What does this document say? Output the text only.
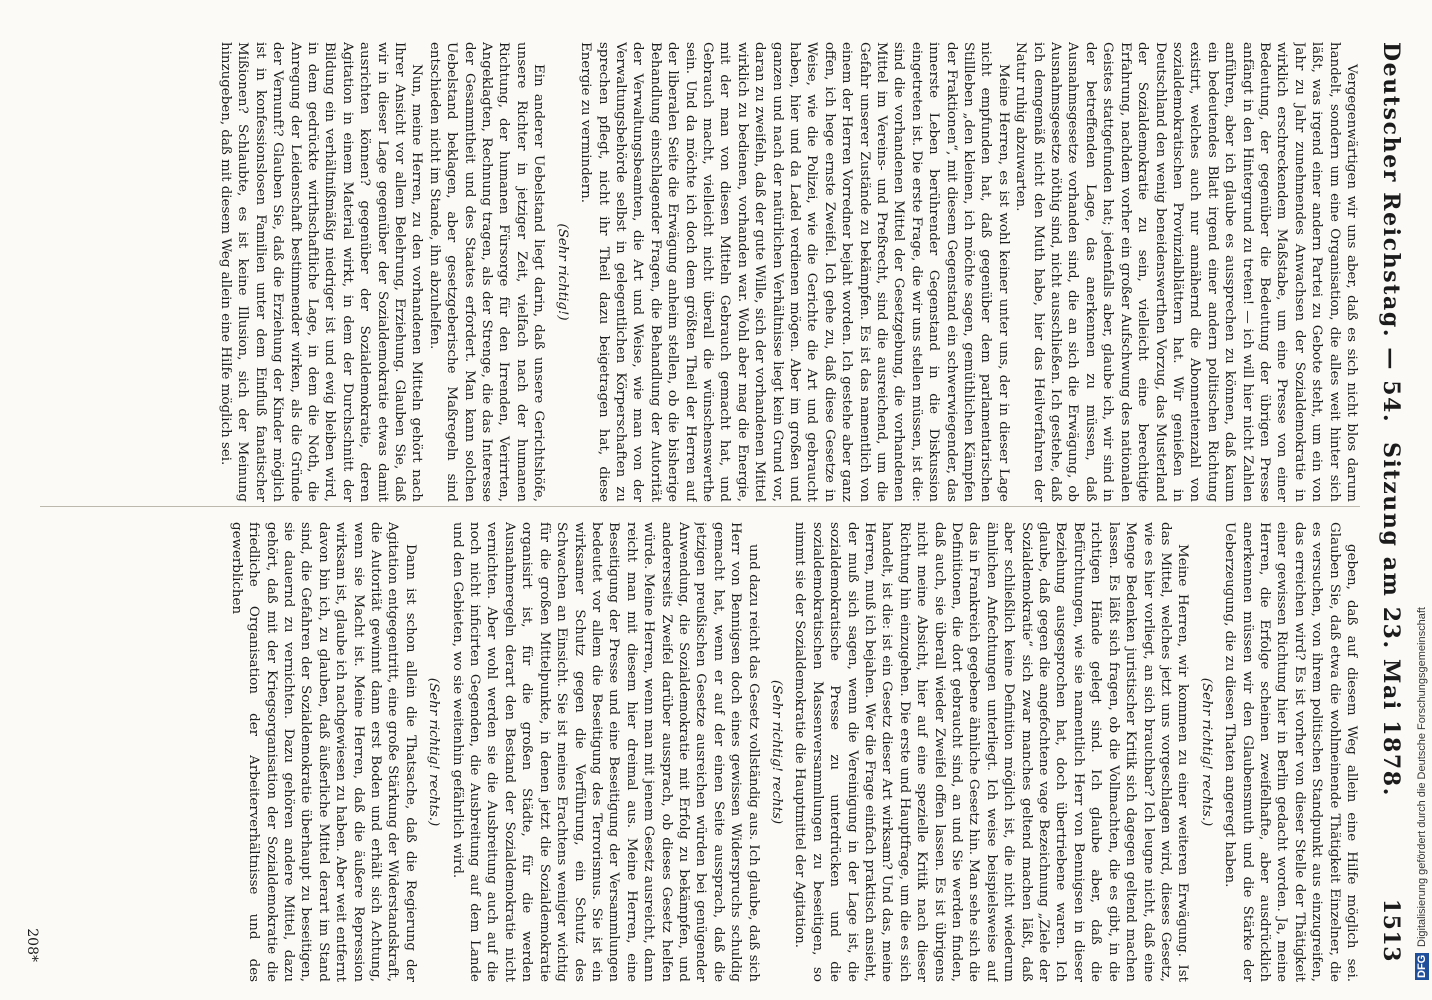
Deutscher Reichstag. — 54.
Sitzung am 23. Mai 1878.
1513

Vergegenwärtigen wir uns aber, daß es sich nicht blos darum handelt, sondern um eine Organisation, die alles weit hinter sich läßt, was irgend einer andern Partei zu Gebote steht, um ein von Jahr zu Jahr zunehmendes Anwachsen der Sozialdemokratie in wirklich erschreckendem Maßstabe, um eine Presse von einer Bedeutung, der gegenüber die Bedeutung der übrigen Presse anfängt in den Hintergrund zu treten! — ich will hier nicht Zahlen anführen, aber ich glaube es aussprechen zu können, daß kaum ein bedeutendes Blatt irgend einer andern politischen Richtung existirt, welches auch nur annähernd die Abonnentenzahl von sozialdemokratischen Provinzialblättern hat. Wir genießen in Deutschland den wenig beneidenswerthen Vorzug, das Musterland der Sozialdemokratie zu sein, vielleicht eine berechtigte Erfahrung, nachdem vorher ein großer Aufschwung des nationalen Geistes stattgefunden hat; jedenfalls aber, glaube ich, wir sind in der betreffenden Lage, das anerkennen zu müssen, daß Ausnahmsgesetze vorhanden sind, die an sich die Erwägung, ob Ausnahmsgesetze nöthig sind, nicht ausschließen. Ich gestehe, daß ich demgemäß nicht den Muth habe, hier das Heilverfahren der Natur ruhig abzuwarten.

Meine Herren, es ist wohl keiner unter uns, der in dieser Lage nicht empfunden hat, daß gegenüber dem parlamentarischen Stillleben „den kleinen, ich möchte sagen, gemüthlichen Kämpfen der Fraktionen“, mit diesem Gegenstand ein schwerwiegender, das innerste Leben berührender Gegenstand in die Diskussion eingetreten ist. Die erste Frage, die wir uns stellen müssen, ist die: sind die vorhandenen Mittel der Gesetzgebung, die vorhandenen Mittel im Vereins- und Preßrecht, sind die ausreichend, um die Gefahr unserer Zustände zu bekämpfen. Es ist das namentlich von einem der Herren Vorredner bejaht worden. Ich gestehe aber ganz offen, ich hege ernste Zweifel. Ich gehe zu, daß diese Gesetze in Weise, wie die Polizei, wie die Gerichte die Art und gebraucht haben, hier und da Ladel verdienen mögen. Aber im großen und ganzen und nach der natürlichen Verhältnisse liegt kein Grund vor, daran zu zweifeln, daß der gute Wille, sich der vorhandenen Mittel wirklich zu bedienen, vorhanden war. Wohl aber mag die Energie, mit der man von diesen Mitteln Gebrauch gemacht hat, und Gebrauch macht, vielleicht nicht überall die wünschenswerthe sein. Und da möchte ich doch dem größten Theil der Herren auf der liberalen Seite die Erwägung anheim stellen, ob die bisherige Behandlung einschlagender Fragen, die Behandlung der Autorität der Verwaltungsbeamten, die Art und Weise, wie man von der Verwaltungsbehörde selbst in gelegentlichen Körperschaften zu sprechen pflegt, nicht ihr Theil dazu beigetragen hat, diese Energie zu vermindern.

(Sehr richtig!)

Ein anderer Uebelstand liegt darin, daß unsere Gerichtshöfe, unsere Richter in jetziger Zeit, vielfach nach der humanen Richtung, der humanen Fürsorge für den Irrenden, Verirrten, Angeklagten, Rechnung tragen, als der Strenge, die das Interesse der Gesammtheit und des Staates erfordert. Man kann solchen Uebelstand beklagen, aber gesetzgeberische Maßregeln sind entschieden nicht im Stande, ihn abzuhelfen.

Nun, meine Herren, zu den vorhandenen Mitteln gehört nach Ihrer Ansicht vor allem Belehrung, Erziehung. Glauben Sie, daß wir in dieser Lage gegenüber der Sozialdemokratie etwas damit ausrichten können? gegenüber der Sozialdemokratie, deren Agitation in einem Material wirkt, in dem der Durchschnitt der Bildung ein verhältnißmäßig niedriger ist und ewig bleiben wird, in dem gedrückte wirthschaftliche Lage, in dem die Noth, die Anregung der Leidenschaft bestimmender wirken, als die Gründe der Vernunft? Glauben Sie, daß die Erziehung der Kinder möglich ist in konfessionslosen Familien unter dem Einfluß fanatischer Mißionen? Schlaubte, es ist keine Illusion, sich der Meinung hinzugeben, daß mit diesem Weg allein eine Hilfe möglich sei.

geben, daß auf diesem Weg allein eine Hilfe möglich sei. Glauben Sie, daß etwa die wohlmeinende Thätigkeit Einzelner, die es versuchen, von ihrem politischen Standpunkt aus einzugreifen, das erreichen wird? Es ist vorher von dieser Stelle der Thätigkeit einer gewissen Richtung hier in Berlin gedacht worden. Ja, meine Herren, die Erfolge scheinen zweifelhafte, aber ausdrücklich anerkennen müssen wir den Glaubensmuth und die Stärke der Ueberzeugung, die zu diesen Thaten angeregt haben.

(Sehr richtig! rechts.)

Meine Herren, wir kommen zu einer weiteren Erwägung. Ist das Mittel, welches jetzt uns vorgeschlagen wird, dieses Gesetz, wie es hier vorliegt, an sich brauchbar? Ich leugne nicht, daß eine Menge Bedenken juristischer Kritik sich dagegen geltend machen lassen. Es läßt sich fragen, ob die Vollmachten, die es gibt, in die richtigen Hände gelegt sind. Ich glaube aber, daß die Befürchtungen, wie sie namentlich Herr von Bennigsen in dieser Beziehung ausgesprochen hat, doch übertriebene waren. Ich glaube, daß gegen die angefochtene vage Bezeichnung „Ziele der Sozialdemokratie“ sich zwar manches geltend machen läßt, daß aber schließlich keine Definition möglich ist, die nicht wiederum ähnlichen Anfechtungen unterliegt. Ich weise beispielsweise auf das in Frankreich gegebene ähnliche Gesetz hin. Man sehe sich die Definitionen, die dort gebraucht sind, an und Sie werden finden, daß auch, sie überall wieder Zweifel offen lassen. Es ist übrigens nicht meine Absicht, hier auf eine spezielle Kritik nach dieser Richtung hin einzugehen. Die erste und Hauptfrage, um die es sich handelt, ist die: ist ein Gesetz dieser Art wirksam? Und das, meine Herren, muß ich bejahen. Wer die Frage einfach praktisch ansieht, der muß sich sagen, wenn die Vereinigung in der Lage ist, die sozialdemokratische Presse zu unterdrücken und die sozialdemokratischen Massenversammlungen zu beseitigen, so nimmt sie der Sozialdemokratie die Hauptmittel der Agitation.

(Sehr richtig! rechts)

und dazu reicht das Gesetz vollständig aus. Ich glaube, daß sich Herr von Bennigsen doch eines gewissen Widerspruchs schuldig gemacht hat, wenn er auf der einen Seite aussprach, daß die jetzigen preußischen Gesetze ausreichen würden bei genügender Anwendung, die Sozialdemokratie mit Erfolg zu bekämpfen, und andererseits Zweifel darüber aussprach, ob dieses Gesetz helfen würde. Meine Herren, wenn man mit jenem Gesetz ausreicht, dann reicht man mit diesem hier dreimal aus. Meine Herren, eine Beseitigung der Presse und eine Beseitigung der Versammlungen bedeutet vor allem die Beseitigung des Terrorismus. Sie ist ein wirksamer Schutz gegen die Verführung, ein Schutz des Schwachen an Einsicht. Sie ist meines Erachtens weniger wichtig für die großen Mittelpunkte, in denen jetzt die Sozialdemokratie organisirt ist, für die großen Städte, für die werden Ausnahmeregeln derart den Bestand der Sozialdemokratie nicht vernichten. Aber wohl werden sie die Ausbreitung auch auf die noch nicht inficirten Gegenden, die Ausbreitung auf dem Lande und den Gebieten, wo sie weitenhin gefährlich wird.

(Sehr richtig! rechts.)

Dann ist schon allein die Thatsache, daß die Regierung der Agitation entgegentritt, eine große Stärkung der Widerstandskraft, die Autorität gewinnt dann erst Boden und erhält sich Achtung, wenn sie Macht ist. Meine Herren, daß die äußere Repression wirksam ist, glaube ich nachgewiesen zu haben. Aber weit entfernt davon bin ich, zu glauben, daß äußerliche Mittel derart im Stand sind, die Gefahren der Sozialdemokratie überhaupt zu beseitigen, sie dauernd zu vernichten. Dazu gehören andere Mittel, dazu gehört, daß mit der Kriegsorganisation der Sozialdemokratie die friedliche Organisation der Arbeiterverhältnisse und des gewerblichen

208*
DFG
Digitalisierung gefördert durch die Deutsche Forschungsgemeinschaft
